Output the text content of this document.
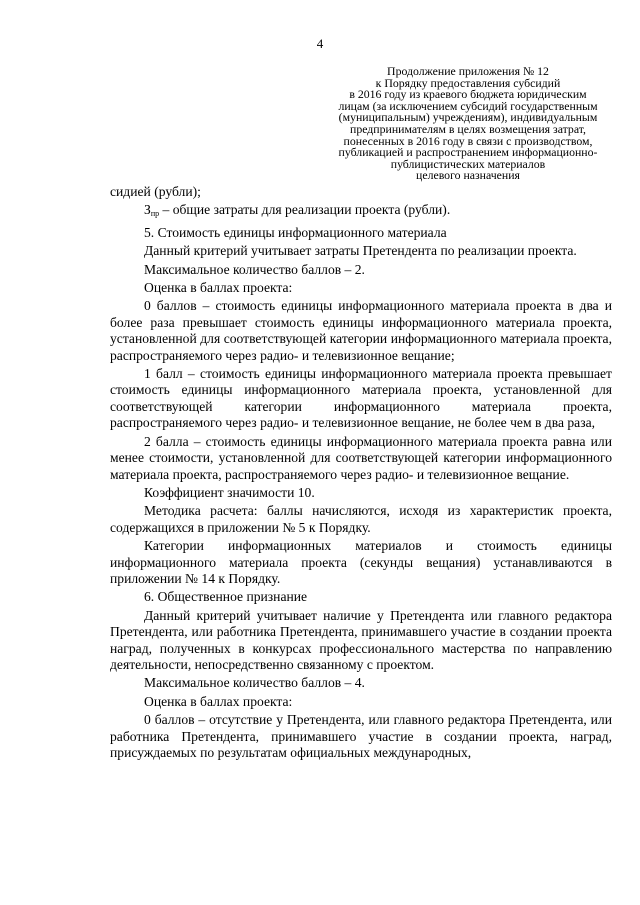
4
Продолжение приложения № 12
к Порядку предоставления субсидий
в 2016 году из краевого бюджета юридическим
лицам (за исключением субсидий государственным
(муниципальным) учреждениям), индивидуальным
предпринимателям в целях возмещения затрат,
понесенных в 2016 году в связи с производством,
публикацией и распространением информационно-
публицистических материалов
целевого назначения

сидией (рубли);

$З_{пр}$ – общие затраты для реализации проекта (рубли).

5. Стоимость единицы информационного материала

Данный критерий учитывает затраты Претендента по реализации проекта.

Максимальное количество баллов – 2.

Оценка в баллах проекта:

0 баллов – стоимость единицы информационного материала проекта в два и более раза превышает стоимость единицы информационного материала проекта, установленной для соответствующей категории информационного материала проекта, распространяемого через радио- и телевизионное вещание;

1 балл – стоимость единицы информационного материала проекта превышает стоимость единицы информационного материала проекта, установленной для соответствующей категории информационного материала проекта, распространяемого через радио- и телевизионное вещание, не более чем в два раза,

2 балла – стоимость единицы информационного материала проекта равна или менее стоимости, установленной для соответствующей категории информационного материала проекта, распространяемого через радио- и телевизионное вещание.

Коэффициент значимости 10.

Методика расчета: баллы начисляются, исходя из характеристик проекта, содержащихся в приложении № 5 к Порядку.

Категории информационных материалов и стоимость единицы информационного материала проекта (секунды вещания) устанавливаются в приложении № 14 к Порядку.

6. Общественное признание

Данный критерий учитывает наличие у Претендента или главного редактора Претендента, или работника Претендента, принимавшего участие в создании проекта наград, полученных в конкурсах профессионального мастерства по направлению деятельности, непосредственно связанному с проектом.

Максимальное количество баллов – 4.

Оценка в баллах проекта:

0 баллов – отсутствие у Претендента, или главного редактора Претендента, или работника Претендента, принимавшего участие в создании проекта, наград, присуждаемых по результатам официальных международных,
